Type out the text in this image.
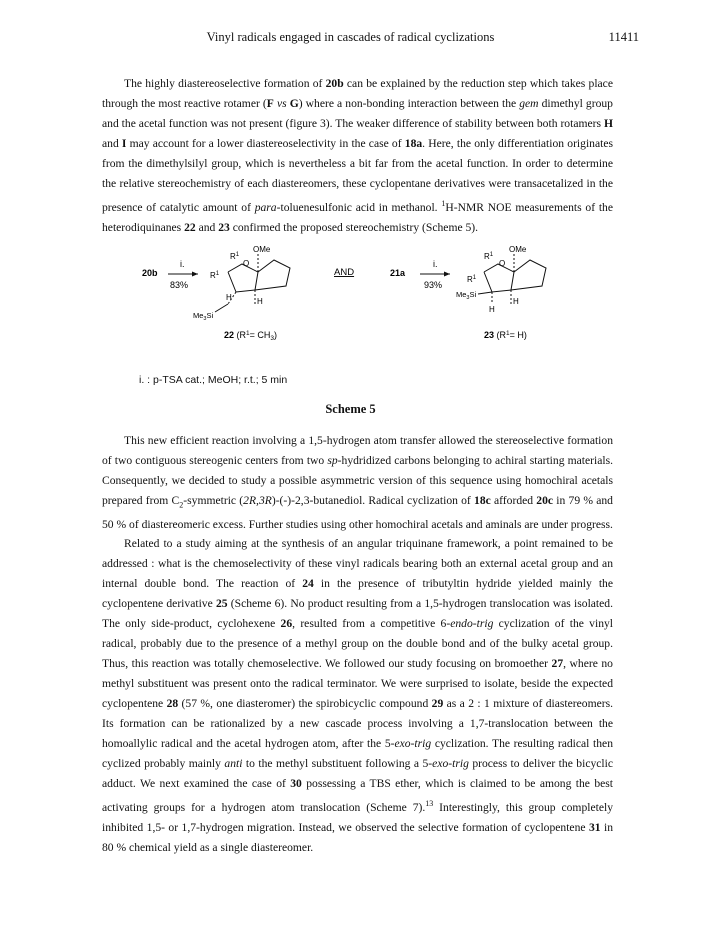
Vinyl radicals engaged in cascades of radical cyclizations	11411

The highly diastereoselective formation of 20b can be explained by the reduction step which takes place through the most reactive rotamer (F vs G) where a non-bonding interaction between the gem dimethyl group and the acetal function was not present (figure 3). The weaker difference of stability between both rotamers H and I may account for a lower diastereoselectivity in the case of 18a. Here, the only differentiation originates from the dimethylsilyl group, which is nevertheless a bit far from the acetal function. In order to determine the relative stereochemistry of each diastereomers, these cyclopentane derivatives were transacetalized in the presence of catalytic amount of para-toluenesulfonic acid in methanol. $^1$H-NMR NOE measurements of the heterodiquinanes 22 and 23 confirmed the proposed stereochemistry (Scheme 5).

20b
i.
83%
OMe
$R^1$
O
$R^1$
H	H
$Me_3Si$
22 $(R^1= CH_3)$
AND	21a
i.
93%
OMe
$R^1$
O
$R^1$
H
H
$Me_3Si$
23 $(R^1= H)$
i. : p-TSA cat.; MeOH; r.t.; 5 min
Scheme 5

This new efficient reaction involving a 1,5-hydrogen atom transfer allowed the stereoselective formation of two contiguous stereogenic centers from two sp-hydridized carbons belonging to achiral starting materials. Consequently, we decided to study a possible asymmetric version of this sequence using homochiral acetals prepared from $C_2$-symmetric (2R,3R)-(-)-2,3-butanediol. Radical cyclization of 18c afforded 20c in 79 % and 50 % of diastereomeric excess. Further studies using other homochiral acetals and aminals are under progress.

Related to a study aiming at the synthesis of an angular triquinane framework, a point remained to be addressed : what is the chemoselectivity of these vinyl radicals bearing both an external acetal group and an internal double bond. The reaction of 24 in the presence of tributyltin hydride yielded mainly the cyclopentene derivative 25 (Scheme 6). No product resulting from a 1,5-hydrogen translocation was isolated. The only side-product, cyclohexene 26, resulted from a competitive 6-endo-trig cyclization of the vinyl radical, probably due to the presence of a methyl group on the double bond and of the bulky acetal group. Thus, this reaction was totally chemoselective. We followed our study focusing on bromoether 27, where no methyl substituent was present onto the radical terminator. We were surprised to isolate, beside the expected cyclopentene 28 (57 %, one diasteromer) the spirobicyclic compound 29 as a 2 : 1 mixture of diastereomers. Its formation can be rationalized by a new cascade process involving a 1,7-translocation between the homoallylic radical and the acetal hydrogen atom, after the 5-exo-trig cyclization. The resulting radical then cyclized probably mainly anti to the methyl substituent following a 5-exo-trig process to deliver the bicyclic adduct. We next examined the case of 30 possessing a TBS ether, which is claimed to be among the best activating groups for a hydrogen atom translocation (Scheme 7).$^{13}$ Interestingly, this group completely inhibited 1,5- or 1,7-hydrogen migration. Instead, we observed the selective formation of cyclopentene 31 in 80 % chemical yield as a single diastereomer.
